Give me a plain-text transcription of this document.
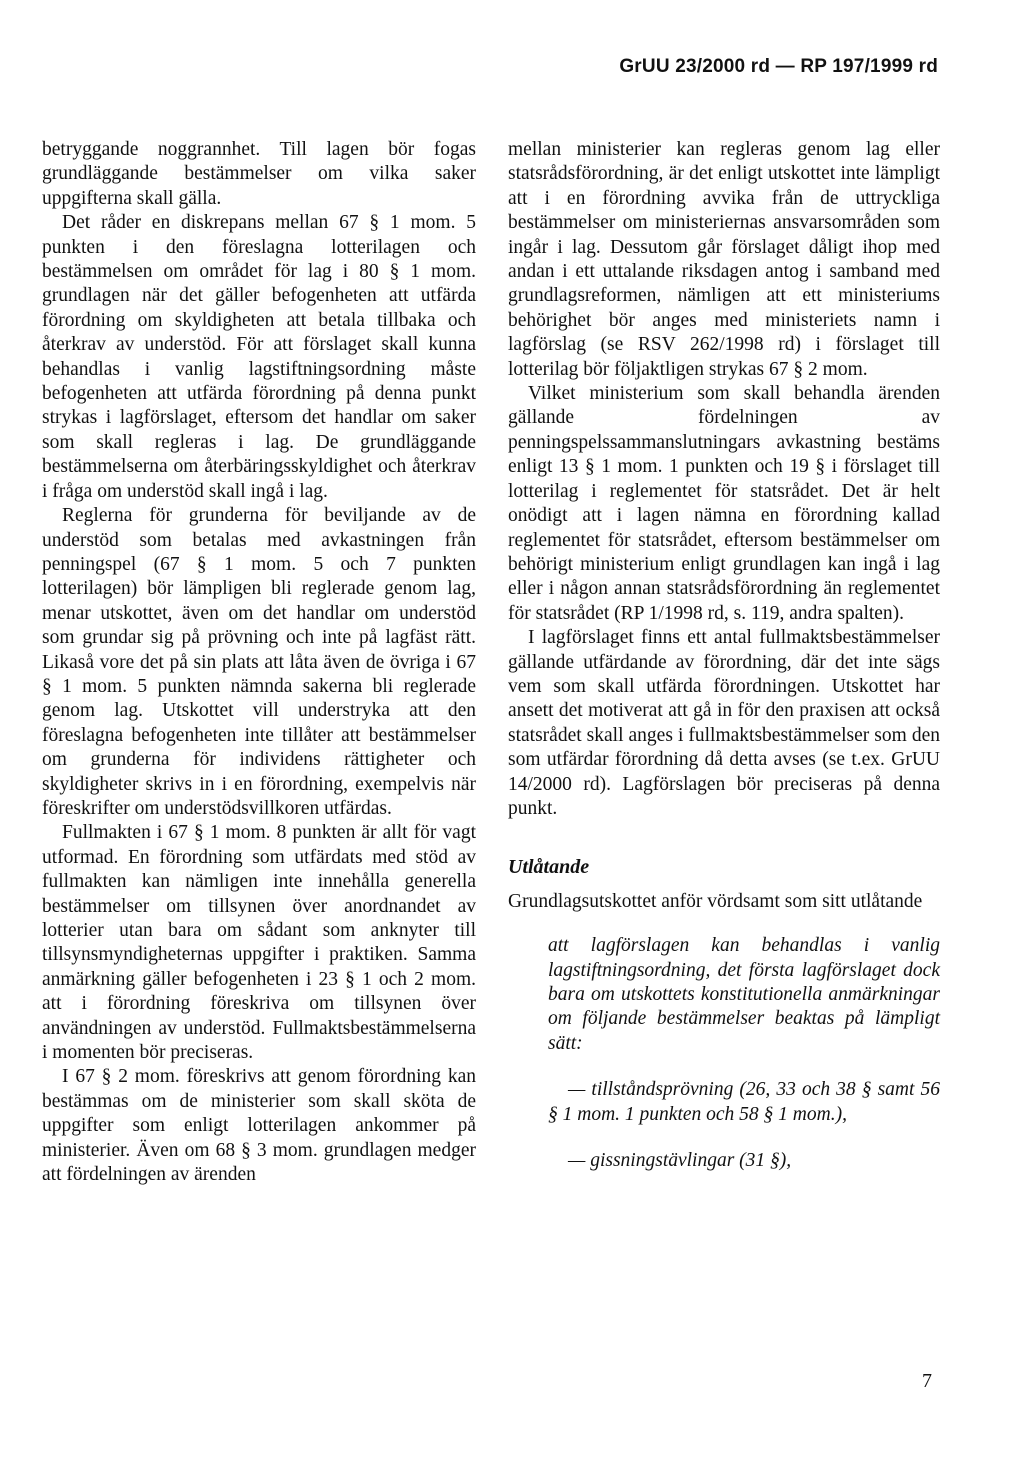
GrUU 23/2000 rd — RP 197/1999 rd

betryggande noggrannhet. Till lagen bör fogas grundläggande bestämmelser om vilka saker uppgifterna skall gälla.

Det råder en diskrepans mellan 67 § 1 mom. 5 punkten i den föreslagna lotterilagen och bestämmelsen om området för lag i 80 § 1 mom. grundlagen när det gäller befogenheten att utfärda förordning om skyldigheten att betala tillbaka och återkrav av understöd. För att förslaget skall kunna behandlas i vanlig lagstiftningsordning måste befogenheten att utfärda förordning på denna punkt strykas i lagförslaget, eftersom det handlar om saker som skall regleras i lag. De grundläggande bestämmelserna om återbäringsskyldighet och återkrav i fråga om understöd skall ingå i lag.

Reglerna för grunderna för beviljande av de understöd som betalas med avkastningen från penningspel (67 § 1 mom. 5 och 7 punkten lotterilagen) bör lämpligen bli reglerade genom lag, menar utskottet, även om det handlar om understöd som grundar sig på prövning och inte på lagfäst rätt. Likaså vore det på sin plats att låta även de övriga i 67 § 1 mom. 5 punkten nämnda sakerna bli reglerade genom lag. Utskottet vill understryka att den föreslagna befogenheten inte tillåter att bestämmelser om grunderna för individens rättigheter och skyldigheter skrivs in i en förordning, exempelvis när föreskrifter om understödsvillkoren utfärdas.

Fullmakten i 67 § 1 mom. 8 punkten är allt för vagt utformad. En förordning som utfärdats med stöd av fullmakten kan nämligen inte innehålla generella bestämmelser om tillsynen över anordnandet av lotterier utan bara om sådant som anknyter till tillsynsmyndigheternas uppgifter i praktiken. Samma anmärkning gäller befogenheten i 23 § 1 och 2 mom. att i förordning föreskriva om tillsynen över användningen av understöd. Fullmaktsbestämmelserna i momenten bör preciseras.

I 67 § 2 mom. föreskrivs att genom förordning kan bestämmas om de ministerier som skall sköta de uppgifter som enligt lotterilagen ankommer på ministerier. Även om 68 § 3 mom. grundlagen medger att fördelningen av ärenden

mellan ministerier kan regleras genom lag eller statsrådsförordning, är det enligt utskottet inte lämpligt att i en förordning avvika från de uttryckliga bestämmelser om ministeriernas ansvarsområden som ingår i lag. Dessutom går förslaget dåligt ihop med andan i ett uttalande riksdagen antog i samband med grundlagsreformen, nämligen att ett ministeriums behörighet bör anges med ministeriets namn i lagförslag (se RSV 262/1998 rd) i förslaget till lotterilag bör följaktligen strykas 67 § 2 mom.

Vilket ministerium som skall behandla ärenden gällande fördelningen av penningspelssammanslutningars avkastning bestäms enligt 13 § 1 mom. 1 punkten och 19 § i förslaget till lotterilag i reglementet för statsrådet. Det är helt onödigt att i lagen nämna en förordning kallad reglementet för statsrådet, eftersom bestämmelser om behörigt ministerium enligt grundlagen kan ingå i lag eller i någon annan statsrådsförordning än reglementet för statsrådet (RP 1/1998 rd, s. 119, andra spalten).

I lagförslaget finns ett antal fullmaktsbestämmelser gällande utfärdande av förordning, där det inte sägs vem som skall utfärda förordningen. Utskottet har ansett det motiverat att gå in för den praxisen att också statsrådet skall anges i fullmaktsbestämmelser som den som utfärdar förordning då detta avses (se t.ex. GrUU 14/2000 rd). Lagförslagen bör preciseras på denna punkt.

Utlåtande

Grundlagsutskottet anför vördsamt som sitt utlåtande

att lagförslagen kan behandlas i vanlig lagstiftningsordning, det första lagförslaget dock bara om utskottets konstitutionella anmärkningar om följande bestämmelser beaktas på lämpligt sätt:

— tillståndsprövning (26, 33 och 38 § samt 56 § 1 mom. 1 punkten och 58 § 1 mom.),

— gissningstävlingar (31 §),

7
